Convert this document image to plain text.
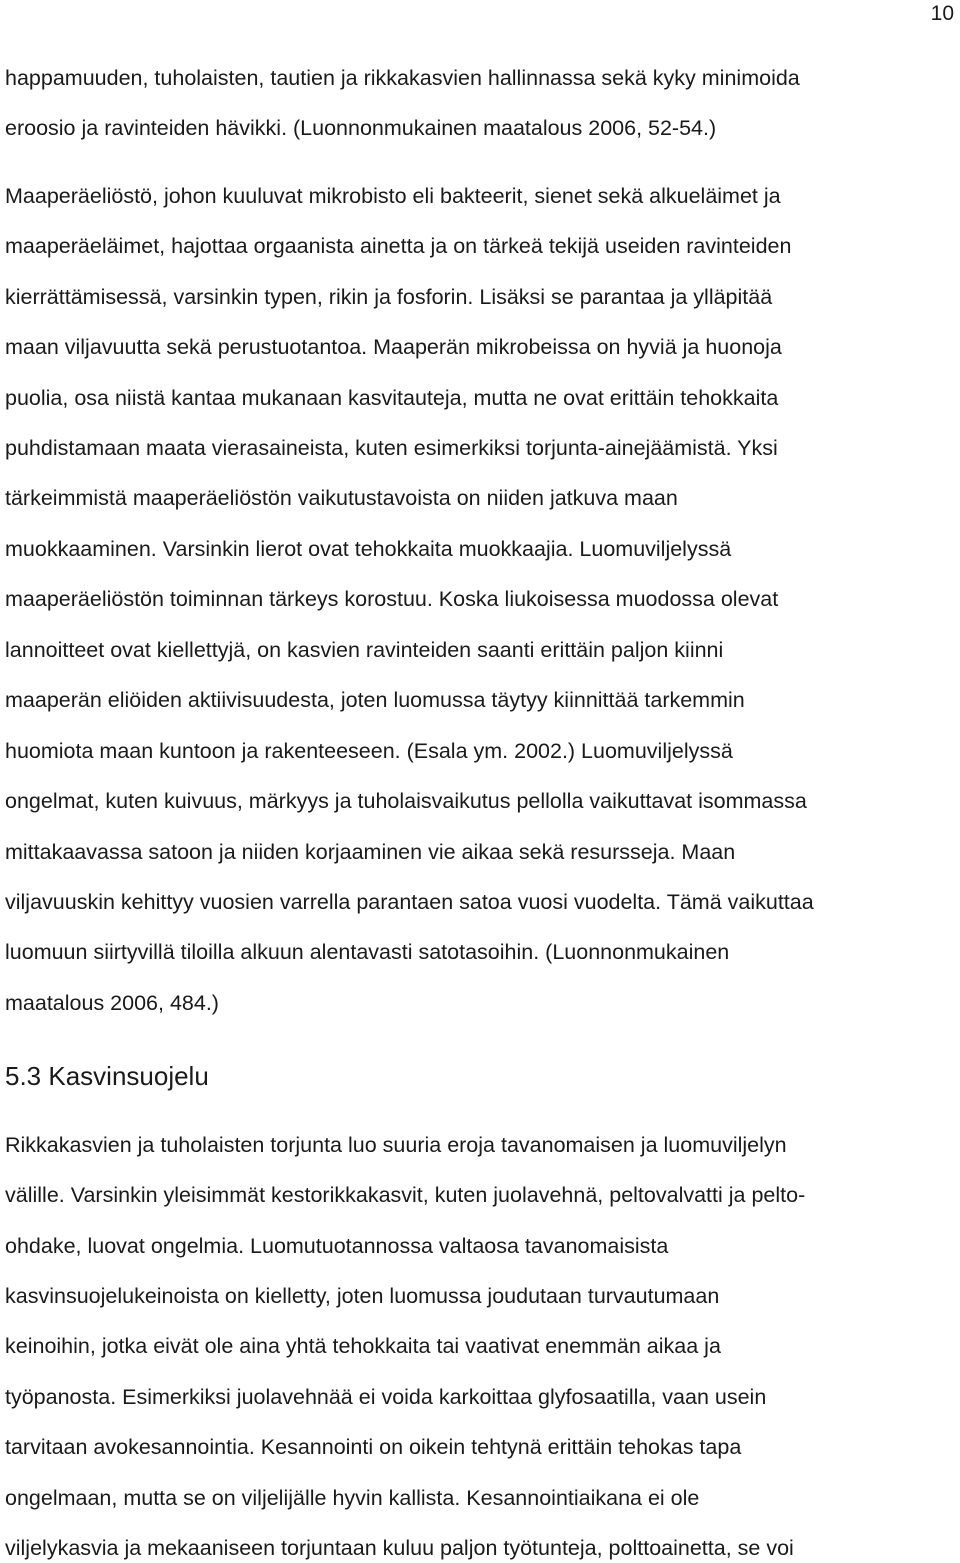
10
happamuuden, tuholaisten, tautien ja rikkakasvien hallinnassa sekä kyky minimoida
eroosio ja ravinteiden hävikki. (Luonnonmukainen maatalous 2006, 52-54.)
Maaperäeliöstö, johon kuuluvat mikrobisto eli bakteerit, sienet sekä alkueläimet ja
maaperäeläimet, hajottaa orgaanista ainetta ja on tärkeä tekijä useiden ravinteiden
kierrättämisessä, varsinkin typen, rikin ja fosforin. Lisäksi se parantaa ja ylläpitää
maan viljavuutta sekä perustuotantoa. Maaperän mikrobeissa on hyviä ja huonoja
puolia, osa niistä kantaa mukanaan kasvitauteja, mutta ne ovat erittäin tehokkaita
puhdistamaan maata vierasaineista, kuten esimerkiksi torjunta-ainejäämistä. Yksi
tärkeimmistä maaperäeliöstön vaikutustavoista on niiden jatkuva maan
muokkaaminen. Varsinkin lierot ovat tehokkaita muokkaajia. Luomuviljelyssä
maaperäeliöstön toiminnan tärkeys korostuu. Koska liukoisessa muodossa olevat
lannoitteet ovat kiellettyjä, on kasvien ravinteiden saanti erittäin paljon kiinni
maaperän eliöiden aktiivisuudesta, joten luomussa täytyy kiinnittää tarkemmin
huomiota maan kuntoon ja rakenteeseen. (Esala ym. 2002.) Luomuviljelyssä
ongelmat, kuten kuivuus, märkyys ja tuholaisvaikutus pellolla vaikuttavat isommassa
mittakaavassa satoon ja niiden korjaaminen vie aikaa sekä resursseja. Maan
viljavuuskin kehittyy vuosien varrella parantaen satoa vuosi vuodelta. Tämä vaikuttaa
luomuun siirtyvillä tiloilla alkuun alentavasti satotasoihin. (Luonnonmukainen
maatalous 2006, 484.)
5.3 Kasvinsuojelu
Rikkakasvien ja tuholaisten torjunta luo suuria eroja tavanomaisen ja luomuviljelyn
välille. Varsinkin yleisimmät kestorikkakasvit, kuten juolavehnä, peltovalvatti ja pelto-
ohdake, luovat ongelmia. Luomutuotannossa valtaosa tavanomaisista
kasvinsuojelukeinoista on kielletty, joten luomussa joudutaan turvautumaan
keinoihin, jotka eivät ole aina yhtä tehokkaita tai vaativat enemmän aikaa ja
työpanosta. Esimerkiksi juolavehnää ei voida karkoittaa glyfosaatilla, vaan usein
tarvitaan avokesannointia. Kesannointi on oikein tehtynä erittäin tehokas tapa
ongelmaan, mutta se on viljelijälle hyvin kallista. Kesannointiaikana ei ole
viljelykasvia ja mekaaniseen torjuntaan kuluu paljon työtunteja, polttoainetta, se voi
